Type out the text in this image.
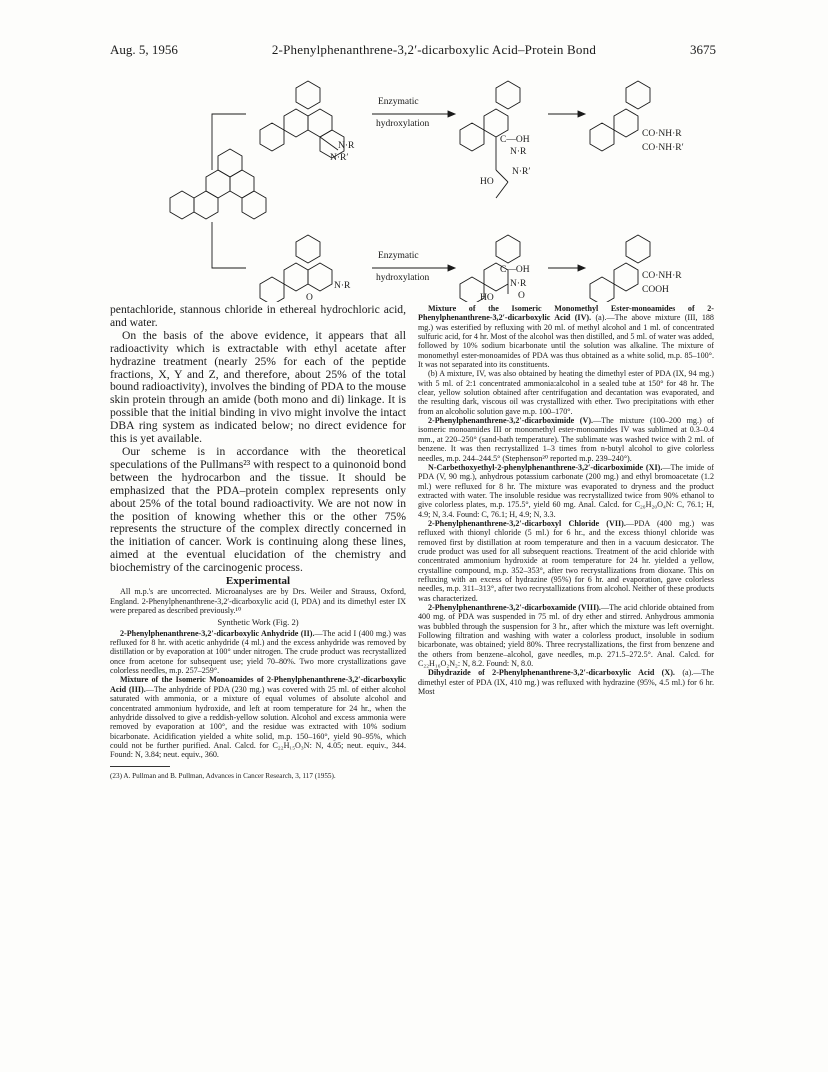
Aug. 5, 1956	2-Phenylphenanthrene-3,2′-dicarboxylic Acid–Protein Bond	3675
Enzymatic
hydroxylation
N·R
N·R′
C—OH
N·R
N·R′
HO
CO·NH·R
CO·NH·R′
Enzymatic
hydroxylation
N·R
O
C—OH
N·R
O
HO
CO·NH·R
COOH

pentachloride, stannous chloride in ethereal hydrochloric acid, and water.

On the basis of the above evidence, it appears that all radioactivity which is extractable with ethyl acetate after hydrazine treatment (nearly 25% for each of the peptide fractions, X, Y and Z, and therefore, about 25% of the total bound radioactivity), involves the binding of PDA to the mouse skin protein through an amide (both mono and di) linkage. It is possible that the initial binding in vivo might involve the intact DBA ring system as indicated below; no direct evidence for this is yet available.

Our scheme is in accordance with the theoretical speculations of the Pullmans²³ with respect to a quinonoid bond between the hydrocarbon and the tissue. It should be emphasized that the PDA–protein complex represents only about 25% of the total bound radioactivity. We are not now in the position of knowing whether this or the other 75% represents the structure of the complex directly concerned in the initiation of cancer. Work is continuing along these lines, aimed at the eventual elucidation of the chemistry and biochemistry of the carcinogenic process.

Experimental

All m.p.'s are uncorrected. Microanalyses are by Drs. Weiler and Strauss, Oxford, England. 2-Phenylphenanthrene-3,2′-dicarboxylic acid (I, PDA) and its dimethyl ester IX were prepared as described previously.¹⁰

Synthetic Work (Fig. 2)

2-Phenylphenanthrene-3,2′-dicarboxylic Anhydride (II).—The acid I (400 mg.) was refluxed for 8 hr. with acetic anhydride (4 ml.) and the excess anhydride was removed by distillation or by evaporation at 100° under nitrogen. The crude product was recrystallized once from acetone for subsequent use; yield 70–80%. Two more crystallizations gave colorless needles, m.p. 257–259°.

Mixture of the Isomeric Monoamides of 2-Phenylphenanthrene-3,2′-dicarboxylic Acid (III).—The anhydride of PDA (230 mg.) was covered with 25 ml. of either alcohol saturated with ammonia, or a mixture of equal volumes of absolute alcohol and concentrated ammonium hydroxide, and left at room temperature for 24 hr., when the anhydride dissolved to give a reddish-yellow solution. Alcohol and excess ammonia were removed by evaporation at 100°, and the residue was extracted with 10% sodium bicarbonate. Acidification yielded a white solid, m.p. 150–160°, yield 90–95%, which could not be further purified. Anal. Calcd. for C₂₂H₁₅O₃N: N, 4.05; neut. equiv., 344. Found: N, 3.84; neut. equiv., 360.

(23) A. Pullman and B. Pullman, Advances in Cancer Research, 3, 117 (1955).

Mixture of the Isomeric Monomethyl Ester-monoamides of 2-Phenylphenanthrene-3,2′-dicarboxylic Acid (IV). (a).—The above mixture (III, 188 mg.) was esterified by refluxing with 20 ml. of methyl alcohol and 1 ml. of concentrated sulfuric acid, for 4 hr. Most of the alcohol was then distilled, and 5 ml. of water was added, followed by 10% sodium bicarbonate until the solution was alkaline. The mixture of monomethyl ester-monoamides of PDA was thus obtained as a white solid, m.p. 85–100°. It was not separated into its constituents.

(b) A mixture, IV, was also obtained by heating the dimethyl ester of PDA (IX, 94 mg.) with 5 ml. of 2:1 concentrated ammonia:alcohol in a sealed tube at 150° for 48 hr. The clear, yellow solution obtained after centrifugation and decantation was evaporated, and the resulting dark, viscous oil was crystallized with ether. Two precipitations with ether from an alcoholic solution gave m.p. 100–170°.

2-Phenylphenanthrene-3,2′-dicarboximide (V).—The mixture (100–200 mg.) of isomeric monoamides III or monomethyl ester-monoamides IV was sublimed at 0.3–0.4 mm., at 220–250° (sand-bath temperature). The sublimate was washed twice with 2 ml. of benzene. It was then recrystallized 1–3 times from n-butyl alcohol to give colorless needles, m.p. 244–244.5° (Stephenson²⁰ reported m.p. 239–240°).

N-Carbethoxyethyl-2-phenylphenanthrene-3,2′-dicarboximide (XI).—The imide of PDA (V, 90 mg.), anhydrous potassium carbonate (200 mg.) and ethyl bromoacetate (1.2 ml.) were refluxed for 8 hr. The mixture was evaporated to dryness and the product extracted with water. The insoluble residue was recrystallized twice from 90% ethanol to give colorless plates, m.p. 175.5°, yield 60 mg. Anal. Calcd. for C₂₆H₂₀O₄N: C, 76.1; H, 4.9; N, 3.4. Found: C, 76.1; H, 4.9; N, 3.3.

2-Phenylphenanthrene-3,2′-dicarboxyl Chloride (VII).—PDA (400 mg.) was refluxed with thionyl chloride (5 ml.) for 6 hr., and the excess thionyl chloride was removed first by distillation at room temperature and then in a vacuum desiccator. The crude product was used for all subsequent reactions. Treatment of the acid chloride with concentrated ammonium hydroxide at room temperature for 24 hr. yielded a yellow, crystalline compound, m.p. 352–353°, after two recrystallizations from dioxane. This on refluxing with an excess of hydrazine (95%) for 6 hr. and evaporation, gave colorless needles, m.p. 311–313°, after two recrystallizations from alcohol. Neither of these products was characterized.

2-Phenylphenanthrene-3,2′-dicarboxamide (VIII).—The acid chloride obtained from 400 mg. of PDA was suspended in 75 ml. of dry ether and stirred. Anhydrous ammonia was bubbled through the suspension for 3 hr., after which the mixture was left overnight. Following filtration and washing with water a colorless product, insoluble in sodium bicarbonate, was obtained; yield 80%. Three recrystallizations, the first from benzene and the others from benzene–alcohol, gave needles, m.p. 271.5–272.5°. Anal. Calcd. for C₂₂H₁₆O₂N₂: N, 8.2. Found: N, 8.0.

Dihydrazide of 2-Phenylphenanthrene-3,2′-dicarboxylic Acid (X). (a).—The dimethyl ester of PDA (IX, 410 mg.) was refluxed with hydrazine (95%, 4.5 ml.) for 6 hr. Most
